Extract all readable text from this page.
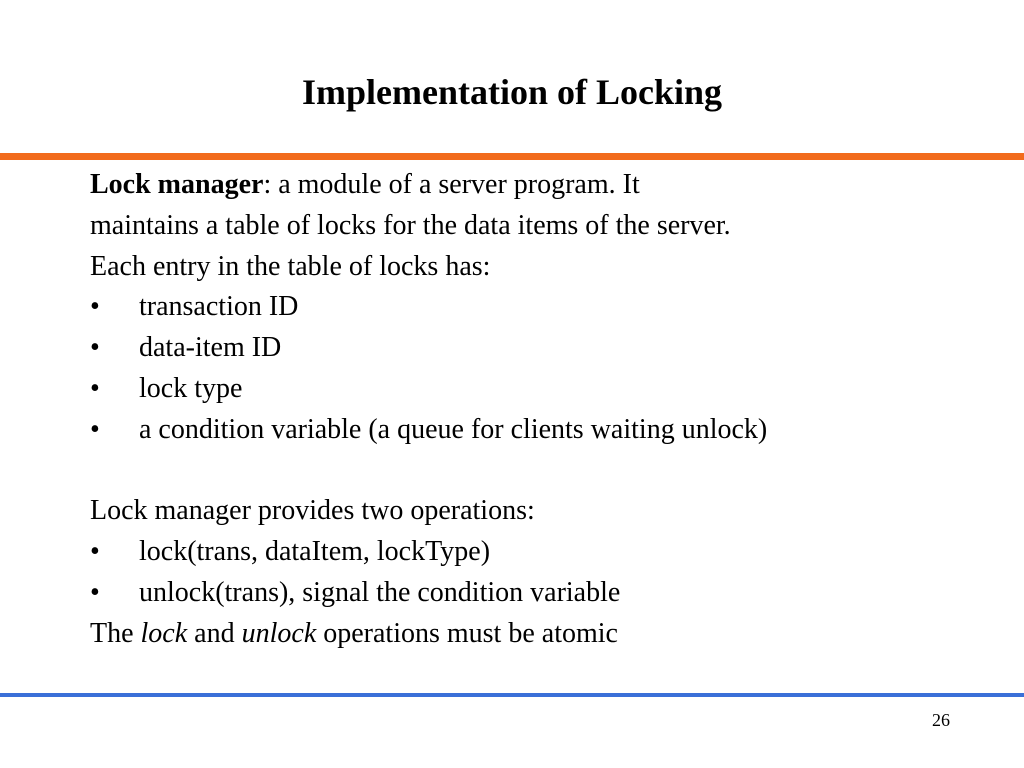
Implementation of Locking
Lock manager: a module of a server program. It
maintains a table of locks for the data items of the server.
Each entry in the table of locks has:
• transaction ID
• data-item ID
• lock type
• a condition variable (a queue for clients waiting unlock)
Lock manager provides two operations:
• lock(trans, dataItem, lockType)
• unlock(trans), signal the condition variable
The lock and unlock operations must be atomic
26
